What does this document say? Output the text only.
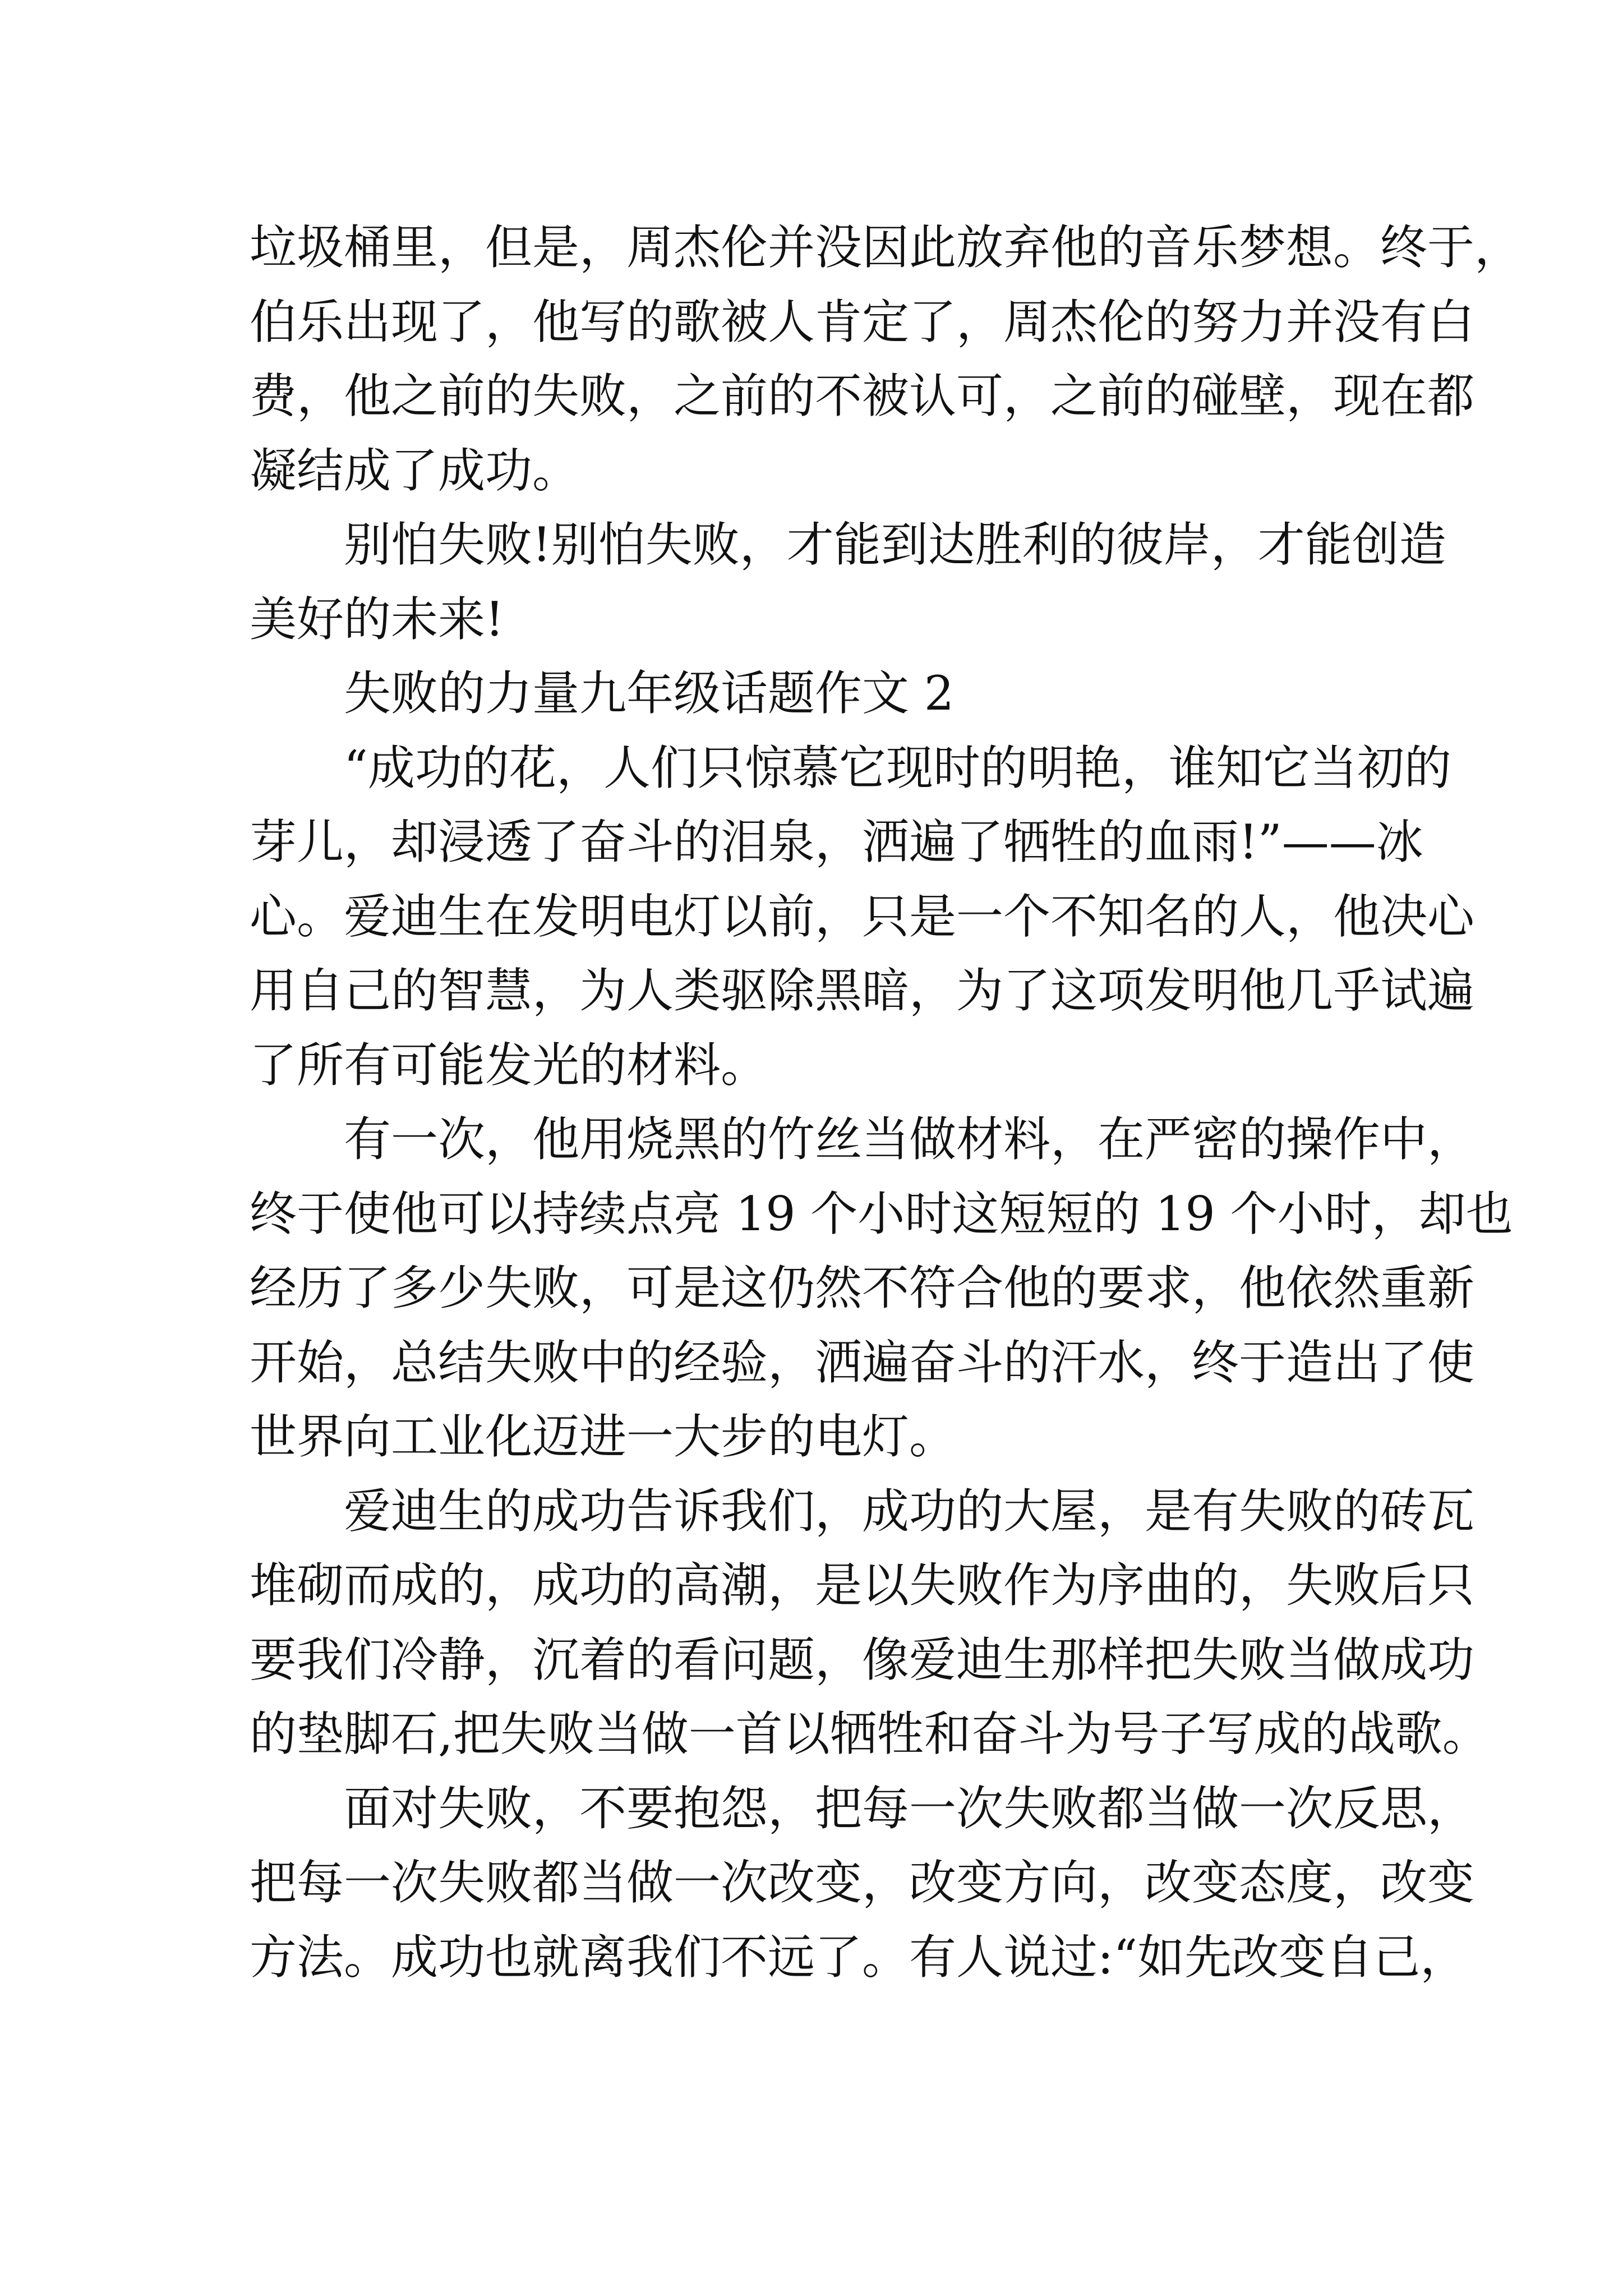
垃圾桶里，但是，周杰伦并没因此放弃他的音乐梦想。终于，
伯乐出现了，他写的歌被人肯定了，周杰伦的努力并没有白
费，他之前的失败，之前的不被认可，之前的碰壁，现在都
凝结成了成功。

别怕失败!别怕失败，才能到达胜利的彼岸，才能创造
美好的未来!

失败的力量九年级话题作文 2

“成功的花，人们只惊慕它现时的明艳，谁知它当初的
芽儿，却浸透了奋斗的泪泉，洒遍了牺牲的血雨!”——冰
心。爱迪生在发明电灯以前，只是一个不知名的人，他决心
用自己的智慧，为人类驱除黑暗，为了这项发明他几乎试遍
了所有可能发光的材料。

有一次，他用烧黑的竹丝当做材料，在严密的操作中，
终于使他可以持续点亮 19 个小时这短短的 19 个小时，却也
经历了多少失败，可是这仍然不符合他的要求，他依然重新
开始，总结失败中的经验，洒遍奋斗的汗水，终于造出了使
世界向工业化迈进一大步的电灯。

爱迪生的成功告诉我们，成功的大屋，是有失败的砖瓦
堆砌而成的，成功的高潮，是以失败作为序曲的，失败后只
要我们冷静，沉着的看问题，像爱迪生那样把失败当做成功
的垫脚石,把失败当做一首以牺牲和奋斗为号子写成的战歌。

面对失败，不要抱怨，把每一次失败都当做一次反思，
把每一次失败都当做一次改变，改变方向，改变态度，改变
方法。成功也就离我们不远了。有人说过:“如先改变自己，
